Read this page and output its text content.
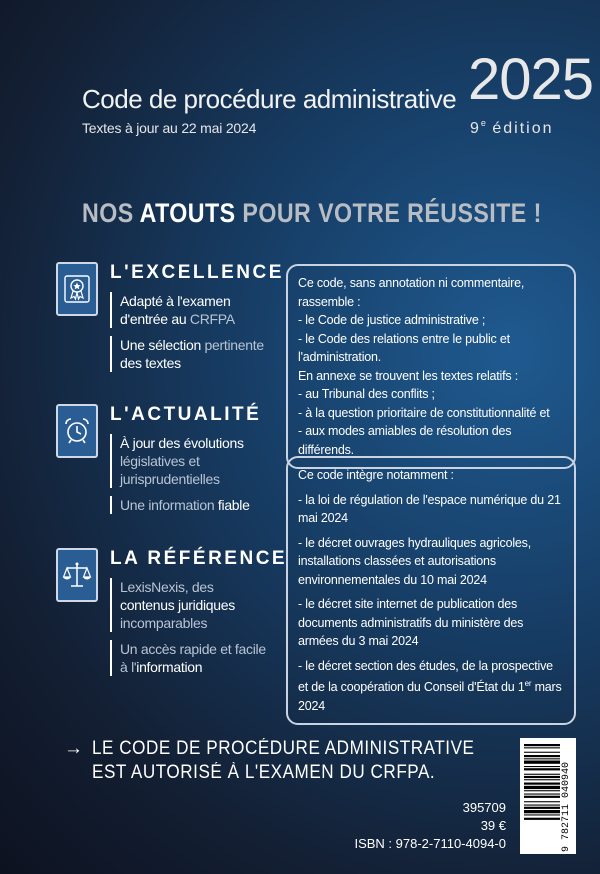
Code de procédure administrative
Textes à jour au 22 mai 2024
2025
9e édition
NOS ATOUTS POUR VOTRE RÉUSSITE !
L'EXCELLENCE
Adapté à l'examen d'entrée au CRFPA
Une sélection pertinente des textes
L'ACTUALITÉ
À jour des évolutions législatives et jurisprudentielles
Une information fiable
LA RÉFÉRENCE
LexisNexis, des contenus juridiques incomparables
Un accès rapide et facile à l'information

Ce code, sans annotation ni commentaire, rassemble :

- le Code de justice administrative ;

- le Code des relations entre le public et l'administration.

En annexe se trouvent les textes relatifs :

- au Tribunal des conflits ;

- à la question prioritaire de constitutionnalité et

- aux modes amiables de résolution des différends.

Ce code intègre notamment :

- la loi de régulation de l'espace numérique du 21 mai 2024

- le décret ouvrages hydrauliques agricoles, installations classées et autorisations environnementales du 10 mai 2024

- le décret site internet de publication des documents administratifs du ministère des armées du 3 mai 2024

- le décret section des études, de la prospective et de la coopération du Conseil d'État du 1er mars 2024

→ LE CODE DE PROCÉDURE ADMINISTRATIVE
EST AUTORISÉ À L'EXAMEN DU CRFPA.
395709
39 €
ISBN : 978-2-7110-4094-0	9 782711 040940
